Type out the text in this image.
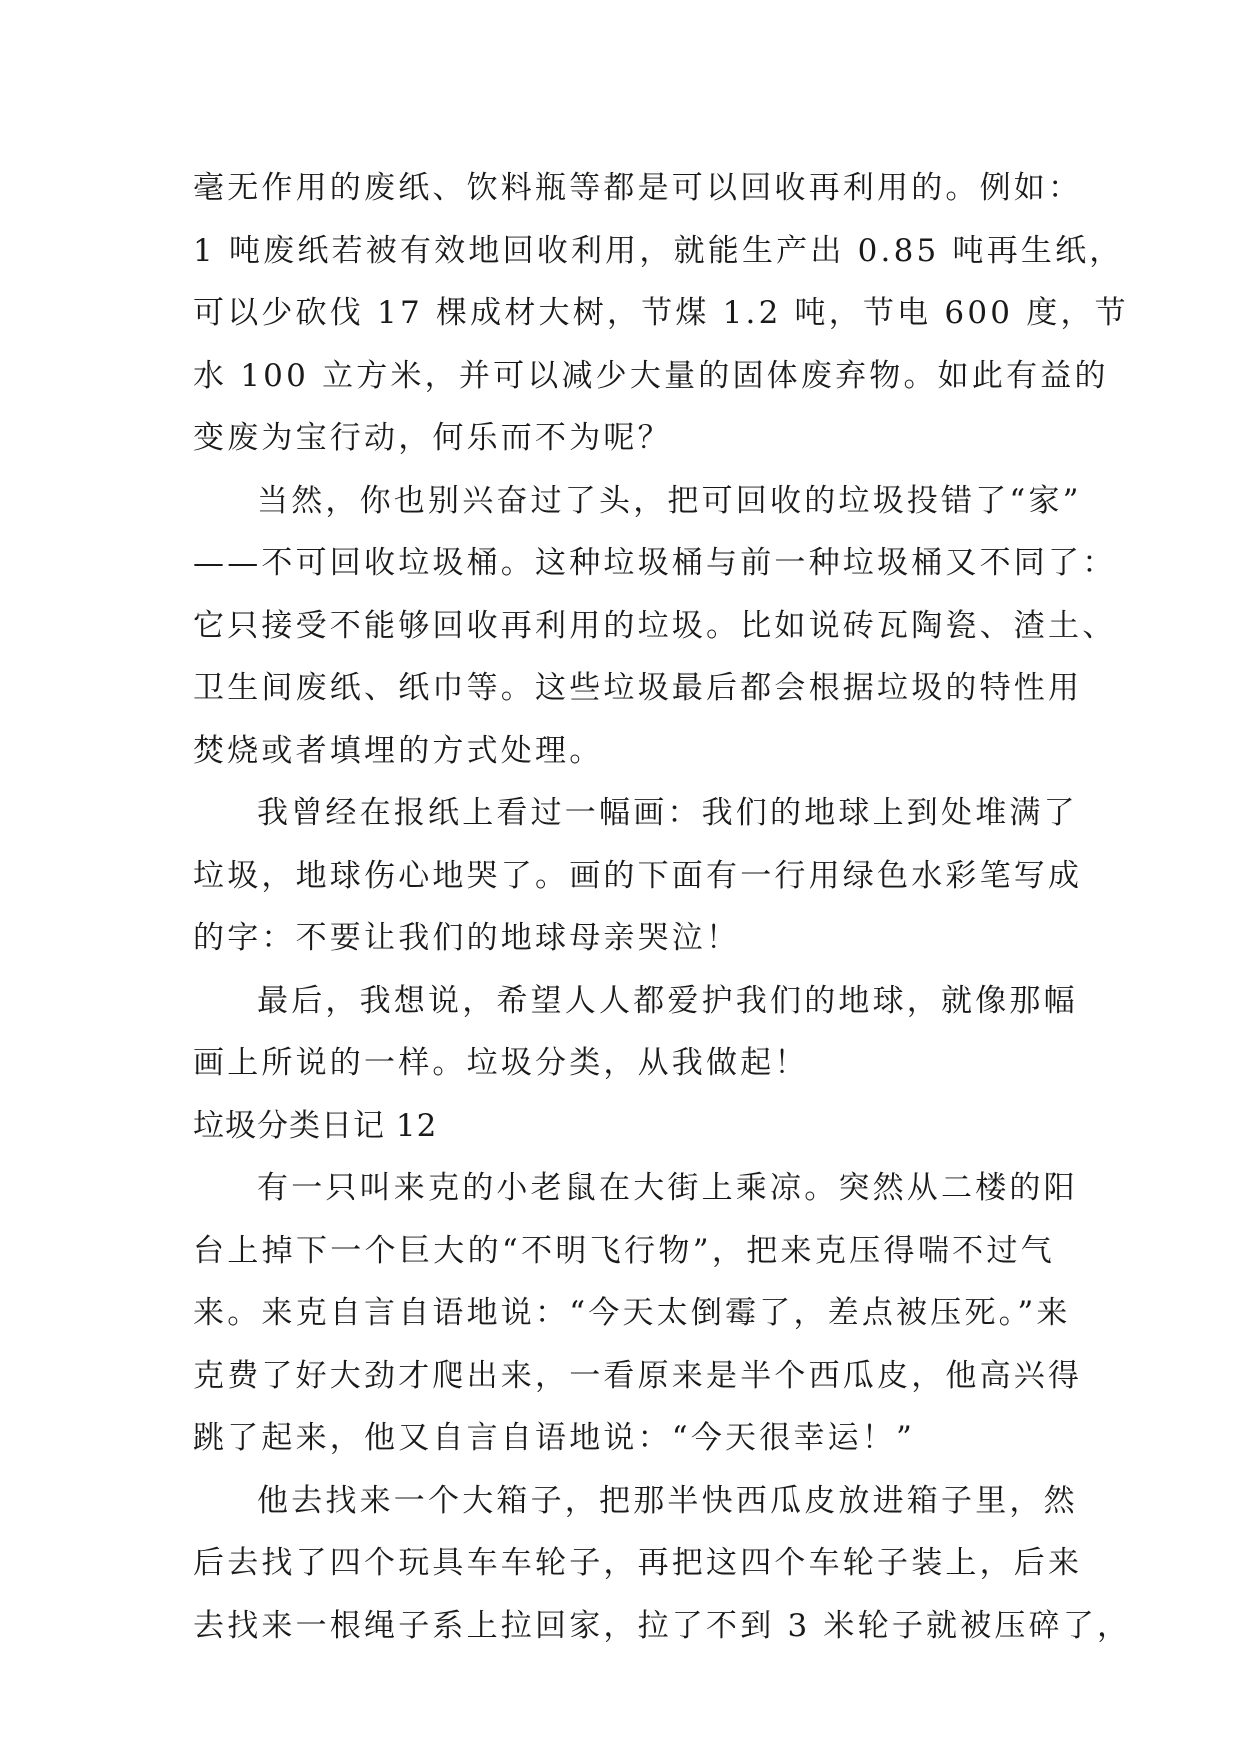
毫无作用的废纸、饮料瓶等都是可以回收再利用的。例如：
1 吨废纸若被有效地回收利用，就能生产出 0.85 吨再生纸，
可以少砍伐 17 棵成材大树，节煤 1.2 吨，节电 600 度，节
水 100 立方米，并可以减少大量的固体废弃物。如此有益的
变废为宝行动，何乐而不为呢？
当然，你也别兴奋过了头，把可回收的垃圾投错了“家”
——不可回收垃圾桶。这种垃圾桶与前一种垃圾桶又不同了：
它只接受不能够回收再利用的垃圾。比如说砖瓦陶瓷、渣土、
卫生间废纸、纸巾等。这些垃圾最后都会根据垃圾的特性用
焚烧或者填埋的方式处理。
我曾经在报纸上看过一幅画：我们的地球上到处堆满了
垃圾，地球伤心地哭了。画的下面有一行用绿色水彩笔写成
的字：不要让我们的地球母亲哭泣！
最后，我想说，希望人人都爱护我们的地球，就像那幅
画上所说的一样。垃圾分类，从我做起！
垃圾分类日记 12
有一只叫来克的小老鼠在大街上乘凉。突然从二楼的阳
台上掉下一个巨大的“不明飞行物”，把来克压得喘不过气
来。来克自言自语地说：“今天太倒霉了，差点被压死。”来
克费了好大劲才爬出来，一看原来是半个西瓜皮，他高兴得
跳了起来，他又自言自语地说：“今天很幸运！”
他去找来一个大箱子，把那半快西瓜皮放进箱子里，然
后去找了四个玩具车车轮子，再把这四个车轮子装上，后来
去找来一根绳子系上拉回家，拉了不到 3 米轮子就被压碎了，
